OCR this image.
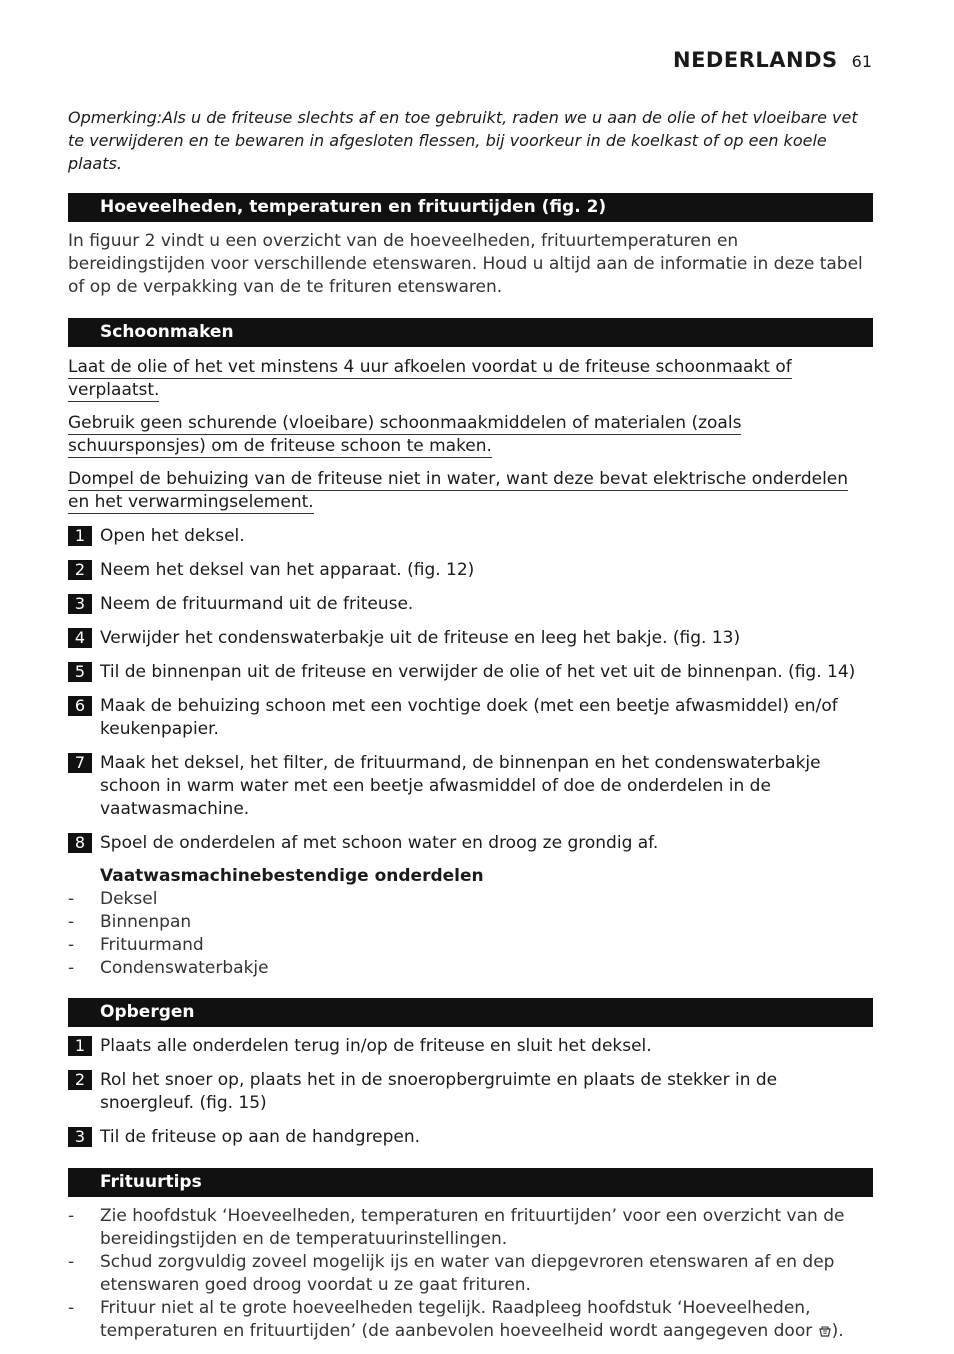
NEDERLANDS 61

Opmerking:Als u de friteuse slechts af en toe gebruikt, raden we u aan de olie of het vloeibare vet te verwijderen en te bewaren in afgesloten flessen, bij voorkeur in de koelkast of op een koele plaats.

Hoeveelheden, temperaturen en frituurtijden (fig. 2)

In figuur 2 vindt u een overzicht van de hoeveelheden, frituurtemperaturen en bereidingstijden voor verschillende etenswaren. Houd u altijd aan de informatie in deze tabel of op de verpakking van de te frituren etenswaren.

Schoonmaken

Laat de olie of het vet minstens 4 uur afkoelen voordat u de friteuse schoonmaakt of verplaatst.

Gebruik geen schurende (vloeibare) schoonmaakmiddelen of materialen (zoals schuursponsjes) om de friteuse schoon te maken.

Dompel de behuizing van de friteuse niet in water, want deze bevat elektrische onderdelen en het verwarmingselement.

1 Open het deksel.
2 Neem het deksel van het apparaat. (fig. 12)
3 Neem de frituurmand uit de friteuse.
4 Verwijder het condenswaterbakje uit de friteuse en leeg het bakje. (fig. 13)
5 Til de binnenpan uit de friteuse en verwijder de olie of het vet uit de binnenpan. (fig. 14)
6 Maak de behuizing schoon met een vochtige doek (met een beetje afwasmiddel) en/of keukenpapier.
7 Maak het deksel, het filter, de frituurmand, de binnenpan en het condenswaterbakje schoon in warm water met een beetje afwasmiddel of doe de onderdelen in de vaatwasmachine.
8 Spoel de onderdelen af met schoon water en droog ze grondig af.
Vaatwasmachinebestendige onderdelen
-	Deksel
-	Binnenpan
-	Frituurmand
-	Condenswaterbakje
Opbergen
1 Plaats alle onderdelen terug in/op de friteuse en sluit het deksel.
2 Rol het snoer op, plaats het in de snoeropbergruimte en plaats de stekker in de snoergleuf. (fig. 15)
3 Til de friteuse op aan de handgrepen.
Frituurtips
-	Zie hoofdstuk ‘Hoeveelheden, temperaturen en frituurtijden’ voor een overzicht van de bereidingstijden en de temperatuurinstellingen.
-	Schud zorgvuldig zoveel mogelijk ijs en water van diepgevroren etenswaren af en dep etenswaren goed droog voordat u ze gaat frituren.
-	Frituur niet al te grote hoeveelheden tegelijk. Raadpleeg hoofdstuk ‘Hoeveelheden, temperaturen en frituurtijden’ (de aanbevolen hoeveelheid wordt aangegeven door ).
